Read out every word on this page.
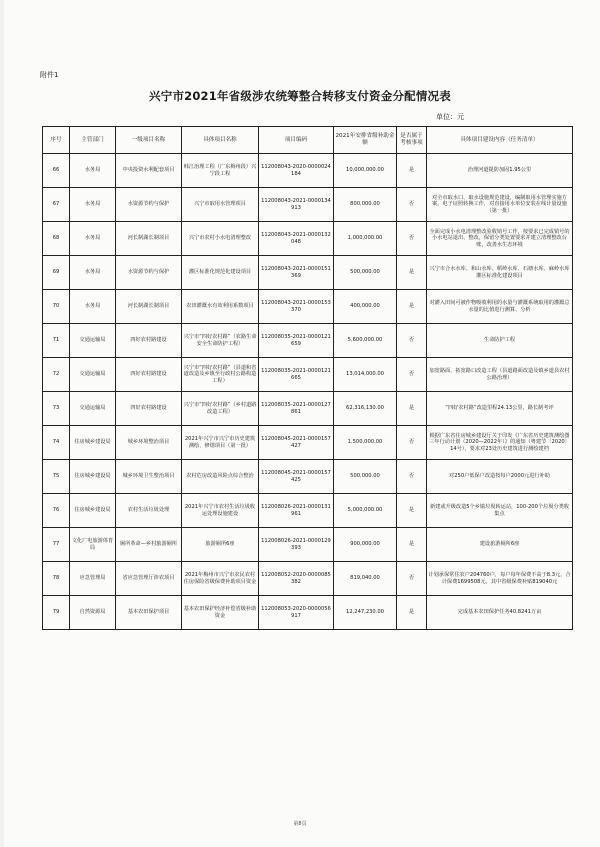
附件1
兴宁市2021年省级涉农统筹整合转移支付资金分配情况表
单位：元
序号	主管部门	一级项目名称	具体项目名称	项目编码	2021年安排省级补助金额	是否属于考核事项	具体项目建设内容（任务清单）
66	水务局	中央投资水利配套项目	韩江治理工程（广东梅州段）兴宁段工程	112008043-2020-0000024184	10,000,000.00	是	治理河道提防加固1.95公里
67	水务局	水资源节约与保护	兴宁市取用水管理项目	112008043-2021-0000134913	800,000.00	否	对全市取水口、取水设施规范建设，编制取用水管理实施方案，电子证照转换工作，对直接用水单位安装在线计量设施（第一批）
68	水务局	河长制湖长制项目	兴宁市农村小水电清理整改	112008043-2021-0000132048	1,000,000.00	否	全面完成小水电清理整改验收销号工作，按要求已完成销号的小水电站退出、整改，保留分类处置要求并建立清理整改台账，改善水生态环境
69	水务局	水资源节约与保护	灌区标准化规范化建设项目	112008043-2021-0000151369	500,000.00	是	兴宁市合水水库、和山水库、稻岭水库、石塘水库、麻岭水库灌区标准化建设项目
70	水务局	河长制湖长制项目	农田灌溉水有效利用系数项目	112008043-2021-0000153370	400,000.00	是	对灌入田间可被作物吸收利用的水量与灌溉系统取用的灌溉总水量的比值进行测算、分析
71	交通运输局	四好农村路建设	兴宁市“四好农村路”（农路生命安全生命防护工程）	112008035-2021-0000121659	5,600,000.00	否	生命防护工程
72	交通运输局	四好农村路建设	兴宁市“四好农村路”（县道和省道改造及乡镇至行政村公路构造工程）	112008035-2021-0000121665	13,014,000.00	否	加宽路面、拓宽路口改造工程（县道路面改造及镇乡道县农村公路治理）
73	交通运输局	四好农村路建设	兴宁市“四好农村路”（乡村道路改造工程）	112008035-2021-0000127861	62,316,130.00	是	“四好农村路”改造里程24.13公里，路长制考评
74	住房城乡建设局	城乡环境整治项目	2021年兴宁市兴宁市历史建筑测绘、修缮项目（第一批）	112008045-2021-0000157427	1,500,000.00	否	根据广东省住房城乡建设厅关于印发《广东省历史建筑测绘图三年行动计划（2020—2022年）》的通知（粤建节〔2020〕14号），要求对23处历史建筑进行测绘建档
75	住房城乡建设局	城乡环境卫生整治项目	农村危房改造风险点综合整治	112008045-2021-0000157425	500,000.00	否	对250户低保户改造按每户2000元进行补助
76	住房城乡建设局	农村生活垃圾处理	2021年兴宁市农村生活垃圾收运处理设施建设	112008026-2021-0000131961	5,000,000.00	是	新建或升级改造5个乡镇垃圾转运站，100-200个垃圾分类收集点
77	文化广电旅游体育局	厕所革命—乡村旅游厕所	旅游厕所6座	112008026-2021-0000129393	900,000.00	是	建设旅游厕所6座
78	应急管理局	省应急管理厅涉农项目	2021年梅州市兴宁市农民农村住房保险省级保费补助项目资金	112008052-2020-0000085382	819,040.00	否	计划承保常住农户204760户，每户每年保费不高于8.3元，合计保费1699508元，其中省级保费补贴819040元
79	自然资源局	基本农田保护项目	基本农田保护经济补偿省级补助资金	112008053-2020-0000056917	12,247,230.00	是	完成基本农田保护任务40.8241万亩
第8页
